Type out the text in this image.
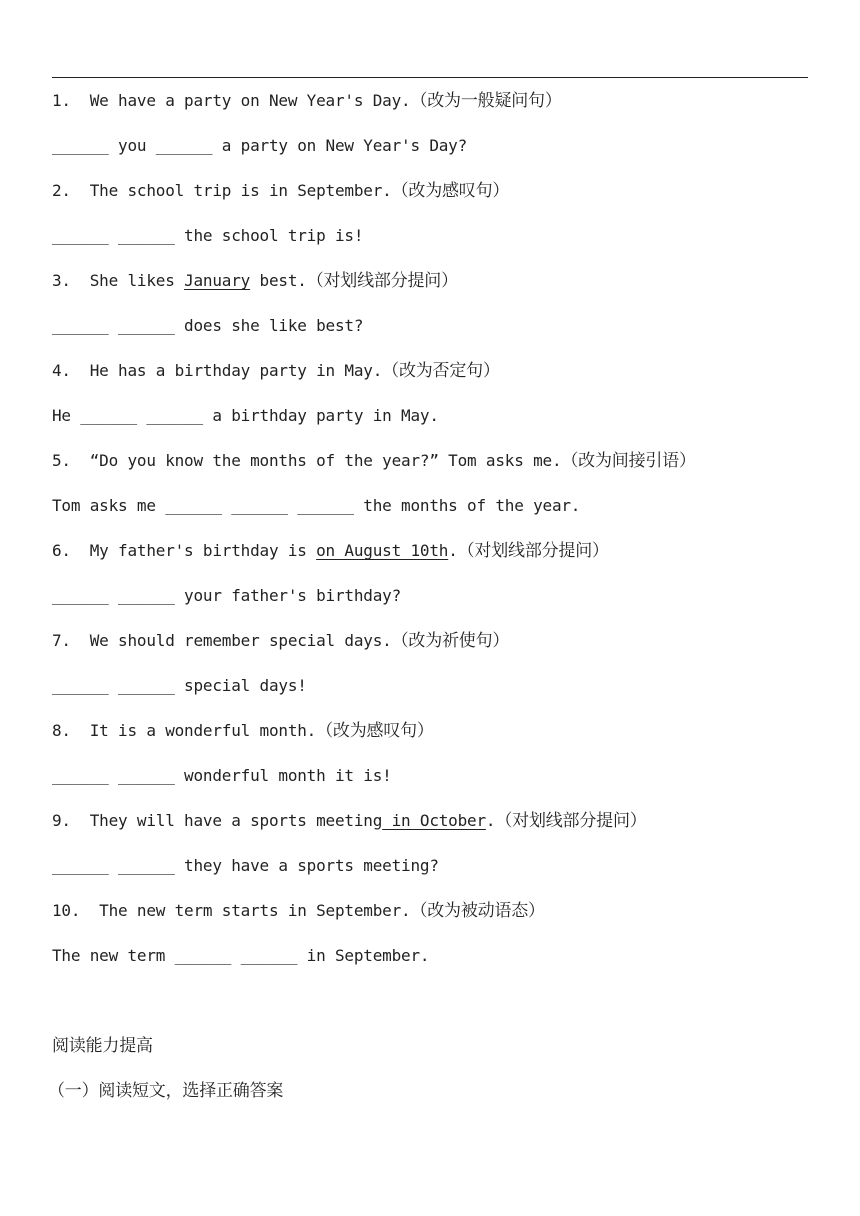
1.  We have a party on New Year's Day.（改为一般疑问句）
______ you ______ a party on New Year's Day?
2.  The school trip is in September.（改为感叹句）
______ ______ the school trip is!
3.  She likes January best.（对划线部分提问）
______ ______ does she like best?
4.  He has a birthday party in May.（改为否定句）
He ______ ______ a birthday party in May.
5.  “Do you know the months of the year?” Tom asks me.（改为间接引语）
Tom asks me ______ ______ ______ the months of the year.
6.  My father's birthday is on August 10th.（对划线部分提问）
______ ______ your father's birthday?
7.  We should remember special days.（改为祈使句）
______ ______ special days!
8.  It is a wonderful month.（改为感叹句）
______ ______ wonderful month it is!
9.  They will have a sports meeting in October.（对划线部分提问）
______ ______ they have a sports meeting?
10.  The new term starts in September.（改为被动语态）
The new term ______ ______ in September.
阅读能力提高
（一）阅读短文，选择正确答案
